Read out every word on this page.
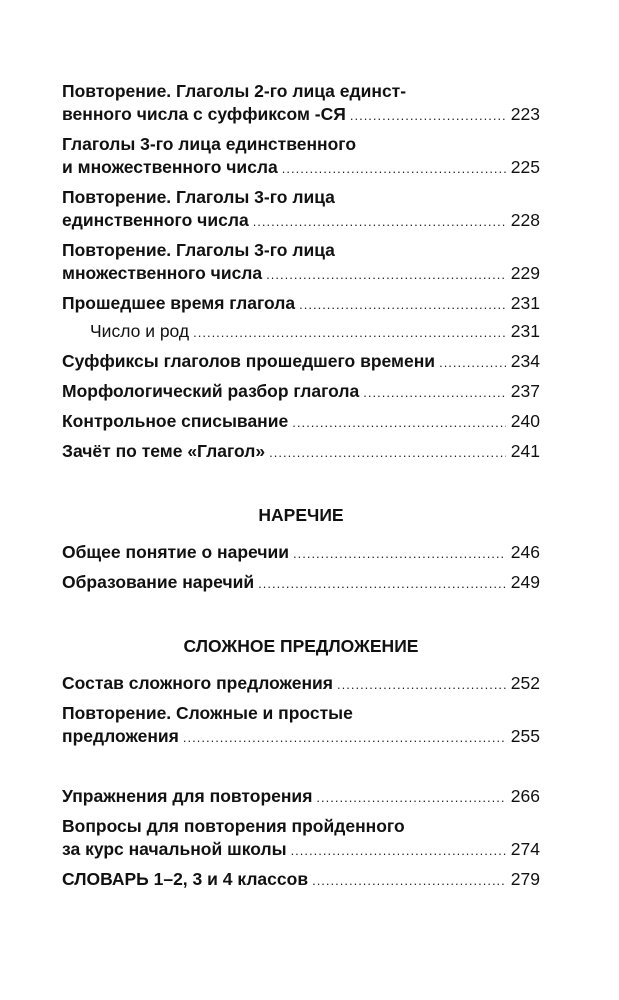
Повторение. Глаголы 2-го лица единст-
венного числа с суффиксом -СЯ .....	223
Глаголы 3-го лица единственного
и множественного числа .....	225
Повторение. Глаголы 3-го лица
единственного числа .....	228
Повторение. Глаголы 3-го лица
множественного числа .....	229
Прошедшее время глагола .....	231
Число и род .....	231
Суффиксы глаголов прошедшего времени .....	234
Морфологический разбор глагола .....	237
Контрольное списывание .....	240
Зачёт по теме «Глагол» .....	241
НАРЕЧИЕ
Общее понятие о наречии .....	246
Образование наречий .....	249
СЛОЖНОЕ ПРЕДЛОЖЕНИЕ
Состав сложного предложения .....	252
Повторение. Сложные и простые
предложения .....	255
Упражнения для повторения .....	266
Вопросы для повторения пройденного
за курс начальной школы .....	274
СЛОВАРЬ 1–2, 3 и 4 классов .....	279
